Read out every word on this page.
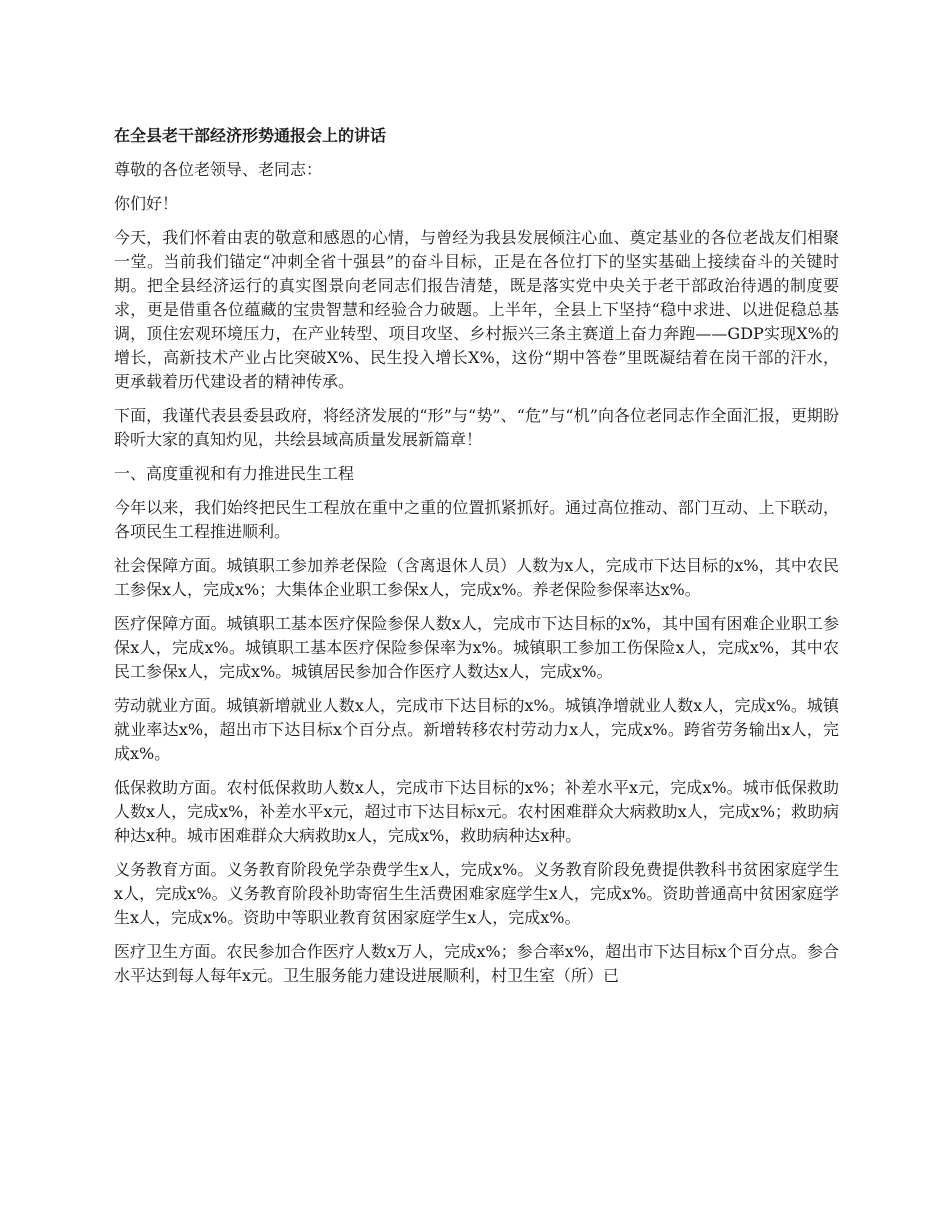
在全县老干部经济形势通报会上的讲话

尊敬的各位老领导、老同志：

你们好！

今天，我们怀着由衷的敬意和感恩的心情，与曾经为我县发展倾注心血、奠定基业的各位老战友们相聚一堂。当前我们锚定“冲刺全省十强县”的奋斗目标，正是在各位打下的坚实基础上接续奋斗的关键时期。把全县经济运行的真实图景向老同志们报告清楚，既是落实党中央关于老干部政治待遇的制度要求，更是借重各位蕴藏的宝贵智慧和经验合力破题。上半年，全县上下坚持“稳中求进、以进促稳总基调，顶住宏观环境压力，在产业转型、项目攻坚、乡村振兴三条主赛道上奋力奔跑——GDP实现X%的增长，高新技术产业占比突破X%、民生投入增长X%，这份“期中答卷”里既凝结着在岗干部的汗水，更承载着历代建设者的精神传承。

下面，我谨代表县委县政府，将经济发展的“形”与“势”、“危”与“机”向各位老同志作全面汇报，更期盼聆听大家的真知灼见，共绘县域高质量发展新篇章！

一、高度重视和有力推进民生工程

今年以来，我们始终把民生工程放在重中之重的位置抓紧抓好。通过高位推动、部门互动、上下联动，各项民生工程推进顺利。

社会保障方面。城镇职工参加养老保险（含离退休人员）人数为x人，完成市下达目标的x%，其中农民工参保x人，完成x%；大集体企业职工参保x人，完成x%。养老保险参保率达x%。

医疗保障方面。城镇职工基本医疗保险参保人数x人，完成市下达目标的x%，其中国有困难企业职工参保x人，完成x%。城镇职工基本医疗保险参保率为x%。城镇职工参加工伤保险x人，完成x%，其中农民工参保x人，完成x%。城镇居民参加合作医疗人数达x人，完成x%。

劳动就业方面。城镇新增就业人数x人，完成市下达目标的x%。城镇净增就业人数x人，完成x%。城镇就业率达x%，超出市下达目标x个百分点。新增转移农村劳动力x人，完成x%。跨省劳务输出x人，完成x%。

低保救助方面。农村低保救助人数x人，完成市下达目标的x%；补差水平x元，完成x%。城市低保救助人数x人，完成x%，补差水平x元，超过市下达目标x元。农村困难群众大病救助x人，完成x%；救助病种达x种。城市困难群众大病救助x人，完成x%，救助病种达x种。

义务教育方面。义务教育阶段免学杂费学生x人，完成x%。义务教育阶段免费提供教科书贫困家庭学生x人，完成x%。义务教育阶段补助寄宿生生活费困难家庭学生x人，完成x%。资助普通高中贫困家庭学生x人，完成x%。资助中等职业教育贫困家庭学生x人，完成x%。

医疗卫生方面。农民参加合作医疗人数x万人，完成x%；参合率x%，超出市下达目标x个百分点。参合水平达到每人每年x元。卫生服务能力建设进展顺利，村卫生室（所）已
